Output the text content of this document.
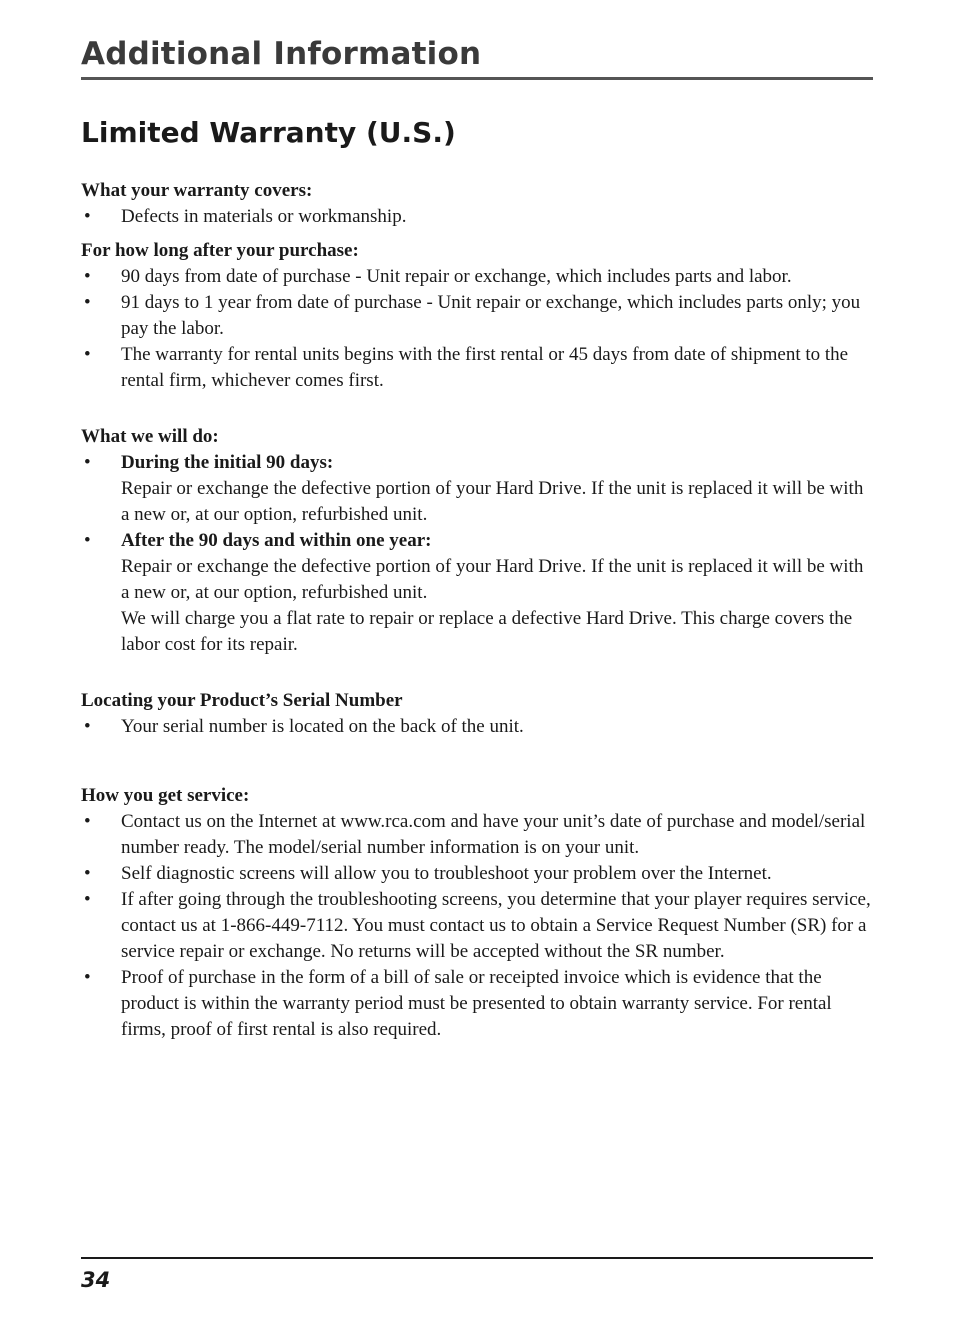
Additional Information
Limited Warranty (U.S.)

What your warranty covers:

• Defects in materials or workmanship.

For how long after your purchase:

• 90 days from date of purchase - Unit repair or exchange, which includes parts and labor.
• 91 days to 1 year from date of purchase - Unit repair or exchange, which includes parts only; you pay the labor.
• The warranty for rental units begins with the first rental or 45 days from date of shipment to the rental firm, whichever comes first.

What we will do:

• During the initial 90 days:
Repair or exchange the defective portion of your Hard Drive. If the unit is replaced it will be with a new or, at our option, refurbished unit.
• After the 90 days and within one year:
Repair or exchange the defective portion of your Hard Drive. If the unit is replaced it will be with a new or, at our option, refurbished unit.
We will charge you a flat rate to repair or replace a defective Hard Drive. This charge covers the labor cost for its repair.

Locating your Product’s Serial Number

• Your serial number is located on the back of the unit.

How you get service:

• Contact us on the Internet at www.rca.com and have your unit’s date of purchase and model/serial number ready. The model/serial number information is on your unit.
• Self diagnostic screens will allow you to troubleshoot your problem over the Internet.
• If after going through the troubleshooting screens, you determine that your player requires service, contact us at 1-866-449-7112. You must contact us to obtain a Service Request Number (SR) for a service repair or exchange. No returns will be accepted without the SR number.
• Proof of purchase in the form of a bill of sale or receipted invoice which is evidence that the product is within the warranty period must be presented to obtain warranty service. For rental firms, proof of first rental is also required.

34
